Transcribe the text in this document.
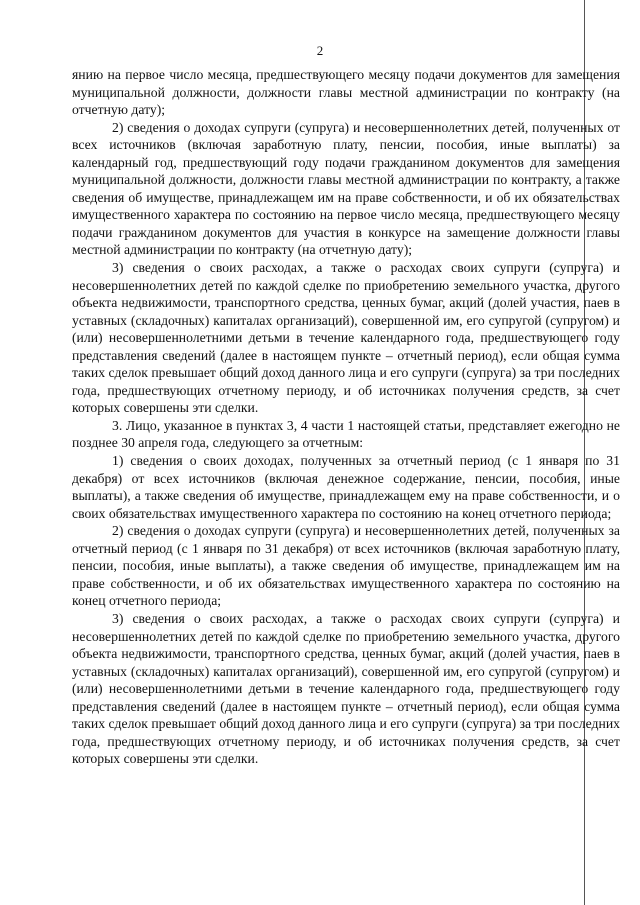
2

янию на первое число месяца, предшествующего месяцу подачи документов для замещения муниципальной должности, должности главы местной администрации по контракту (на отчетную дату);

2) сведения о доходах супруги (супруга) и несовершеннолетних детей, полученных от всех источников (включая заработную плату, пенсии, пособия, иные выплаты) за календарный год, предшествующий году подачи гражданином документов для замещения муниципальной должности, должности главы местной администрации по контракту, а также сведения об имуществе, принадлежащем им на праве собственности, и об их обязательствах имущественного характера по состоянию на первое число месяца, предшествующего месяцу подачи гражданином документов для участия в конкурсе на замещение должности главы местной администрации по контракту (на отчетную дату);

3) сведения о своих расходах, а также о расходах своих супруги (супруга) и несовершеннолетних детей по каждой сделке по приобретению земельного участка, другого объекта недвижимости, транспортного средства, ценных бумаг, акций (долей участия, паев в уставных (складочных) капиталах организаций), совершенной им, его супругой (супругом) и (или) несовершеннолетними детьми в течение календарного года, предшествующего году представления сведений (далее в настоящем пункте – отчетный период), если общая сумма таких сделок превышает общий доход данного лица и его супруги (супруга) за три последних года, предшествующих отчетному периоду, и об источниках получения средств, за счет которых совершены эти сделки.

3. Лицо, указанное в пунктах 3, 4 части 1 настоящей статьи, представляет ежегодно не позднее 30 апреля года, следующего за отчетным:

1) сведения о своих доходах, полученных за отчетный период (с 1 января по 31 декабря) от всех источников (включая денежное содержание, пенсии, пособия, иные выплаты), а также сведения об имуществе, принадлежащем ему на праве собственности, и о своих обязательствах имущественного характера по состоянию на конец отчетного периода;

2) сведения о доходах супруги (супруга) и несовершеннолетних детей, полученных за отчетный период (с 1 января по 31 декабря) от всех источников (включая заработную плату, пенсии, пособия, иные выплаты), а также сведения об имуществе, принадлежащем им на праве собственности, и об их обязательствах имущественного характера по состоянию на конец отчетного периода;

3) сведения о своих расходах, а также о расходах своих супруги (супруга) и несовершеннолетних детей по каждой сделке по приобретению земельного участка, другого объекта недвижимости, транспортного средства, ценных бумаг, акций (долей участия, паев в уставных (складочных) капиталах организаций), совершенной им, его супругой (супругом) и (или) несовершеннолетними детьми в течение календарного года, предшествующего году представления сведений (далее в настоящем пункте – отчетный период), если общая сумма таких сделок превышает общий доход данного лица и его супруги (супруга) за три последних года, предшествующих отчетному периоду, и об источниках получения средств, за счет которых совершены эти сделки.
